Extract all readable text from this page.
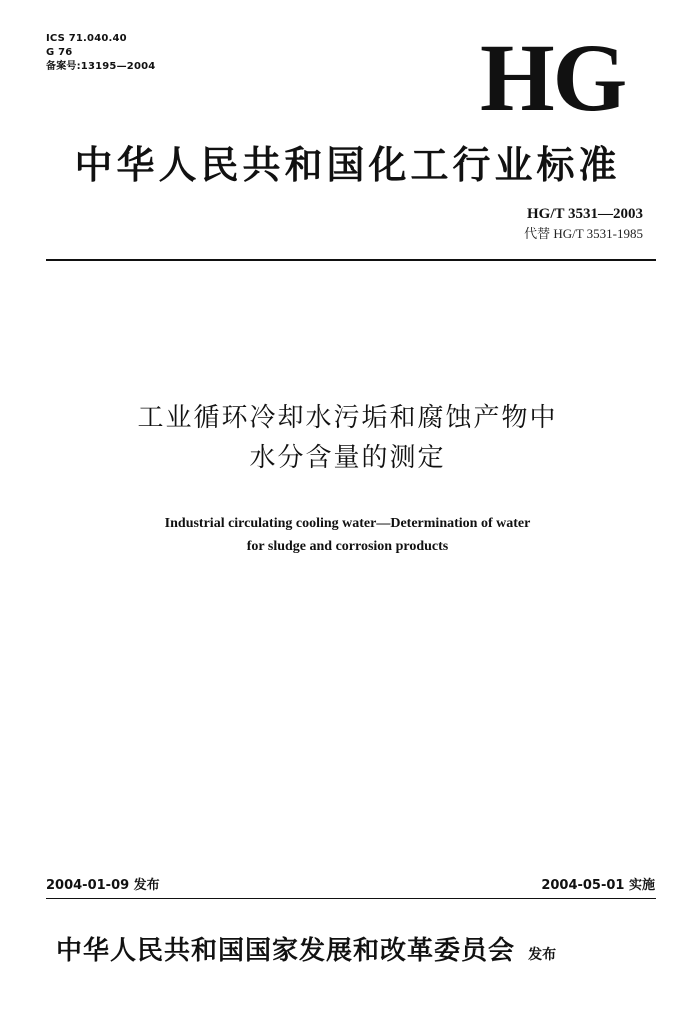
ICS 71.040.40
G 76
备案号:13195—2004	HG
中华人民共和国化工行业标准
HG/T 3531—2003
代替 HG/T 3531-1985
工业循环冷却水污垢和腐蚀产物中
水分含量的测定
Industrial circulating cooling water—Determination of water
for sludge and corrosion products
2004-01-09 发布	2004-05-01 实施
中华人民共和国国家发展和改革委员会 发布
